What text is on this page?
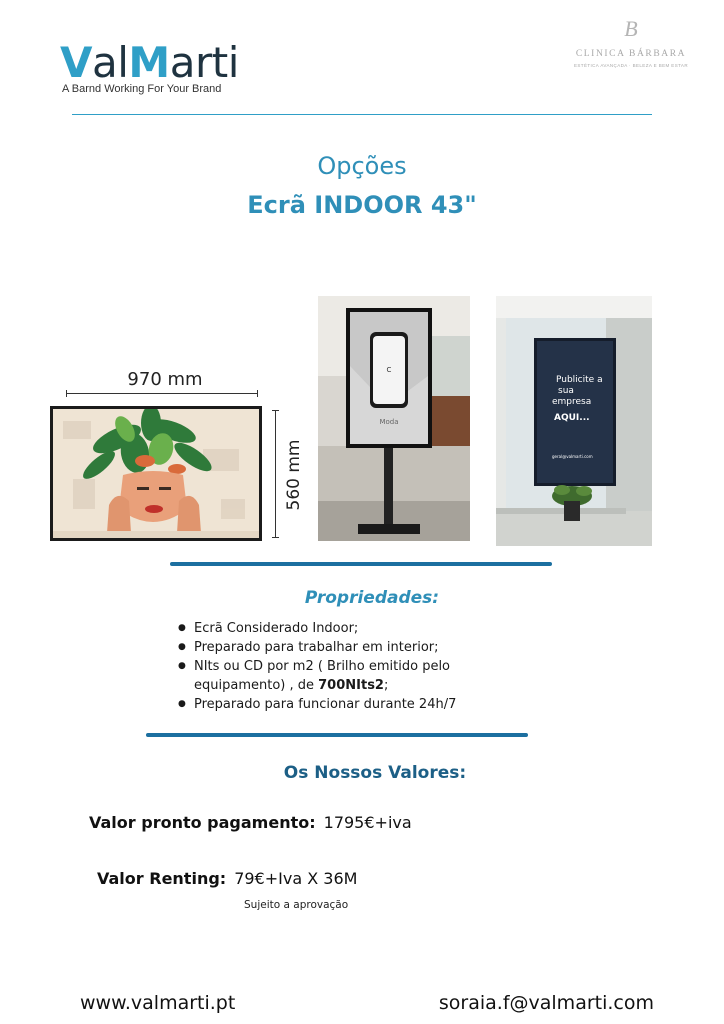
ValMarti
A Barnd Working For Your Brand
B
CLINICA BÁRBARA
ESTÉTICA AVANÇADA · BELEZA E BEM ESTAR
Opções
Ecrã INDOOR 43"
970 mm
560 mm
C
Moda
Publicite a
sua
empresa
AQUI...
geral@valmarti.com
Propriedades:
● Ecrã Considerado Indoor;
● Preparado para trabalhar em interior;
● NIts ou CD por m2 ( Brilho emitido pelo equipamento) , de 700NIts2;
● Preparado para funcionar durante 24h/7
Os Nossos Valores:
Valor pronto pagamento: 1795€+iva
Valor Renting: 79€+Iva X 36M
Sujeito a aprovação
www.valmarti.pt	soraia.f@valmarti.com
